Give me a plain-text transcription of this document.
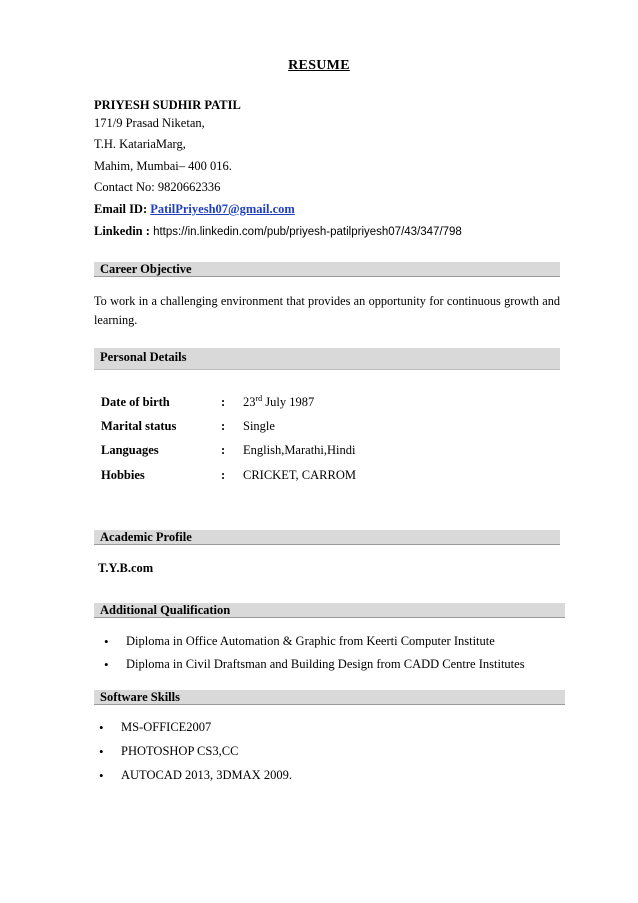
RESUME
PRIYESH SUDHIR PATIL
171/9 Prasad Niketan,
T.H. KatariaMarg,
Mahim, Mumbai– 400 016.
Contact No: 9820662336
Email ID: PatilPriyesh07@gmail.com
Linkedin : https://in.linkedin.com/pub/priyesh-patilpriyesh07/43/347/798
Career Objective
To work in a challenging environment that provides an opportunity for continuous growth and learning.
Personal Details
Date of birth	: 23rd July 1987
Marital status	: Single
Languages	: English,Marathi,Hindi
Hobbies	: CRICKET, CARROM
Academic Profile
T.Y.B.com
Additional Qualification
• Diploma in Office Automation & Graphic from Keerti Computer Institute
• Diploma in Civil Draftsman and Building Design from CADD Centre Institutes
Software Skills
• MS-OFFICE2007
• PHOTOSHOP CS3,CC
• AUTOCAD 2013, 3DMAX 2009.
